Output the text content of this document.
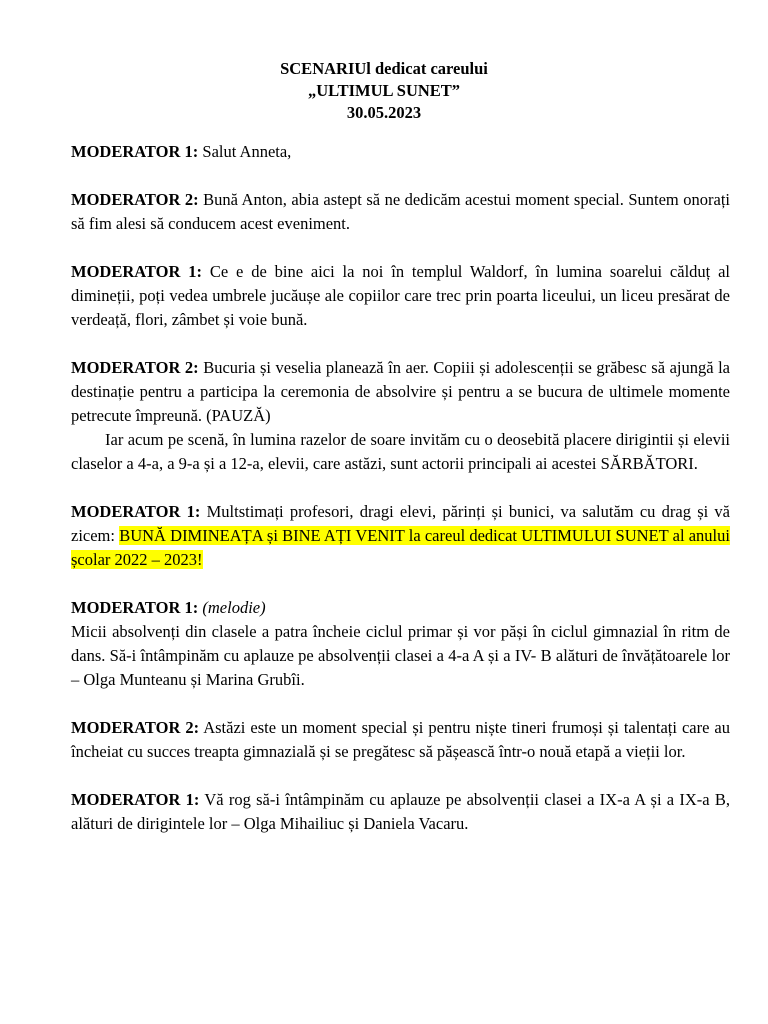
SCENARIUl dedicat careului
„ULTIMUL SUNET”
30.05.2023

MODERATOR 1: Salut Anneta,

MODERATOR 2: Bună Anton, abia astept să ne dedicăm acestui moment special. Suntem onorați să fim alesi să conducem acest eveniment.

MODERATOR 1: Ce e de bine aici la noi în templul Waldorf, în lumina soarelui călduț al dimineții, poți vedea umbrele jucăușe ale copiilor care trec prin poarta liceului, un liceu presărat de verdeață, flori, zâmbet și voie bună.

MODERATOR 2: Bucuria și veselia planează în aer. Copiii și adolescenții se grăbesc să ajungă la destinație pentru a participa la ceremonia de absolvire și pentru a se bucura de ultimele momente petrecute împreună. (PAUZĂ)

Iar acum pe scenă, în lumina razelor de soare invităm cu o deosebită placere dirigintii și elevii claselor a 4-a, a 9-a și a 12-a, elevii, care astăzi, sunt actorii principali ai acestei SĂRBĂTORI.

MODERATOR 1: Multstimați profesori, dragi elevi, părinți și bunici, va salutăm cu drag și vă zicem: BUNĂ DIMINEAȚA și BINE AȚI VENIT la careul dedicat ULTIMULUI SUNET al anului școlar 2022 – 2023!

MODERATOR 1: (melodie)
Micii absolvenți din clasele a patra încheie ciclul primar și vor păși în ciclul gimnazial în ritm de dans. Să-i întâmpinăm cu aplauze pe absolvenții clasei a 4-a A și a IV- B alături de învățătoarele lor – Olga Munteanu și Marina Grubîi.

MODERATOR 2: Astăzi este un moment special și pentru niște tineri frumoși și talentați care au încheiat cu succes treapta gimnazială și se pregătesc să pășească într-o nouă etapă a vieții lor.

MODERATOR 1: Vă rog să-i întâmpinăm cu aplauze pe absolvenții clasei a IX-a A și a IX-a B, alături de dirigintele lor – Olga Mihailiuc și Daniela Vacaru.
